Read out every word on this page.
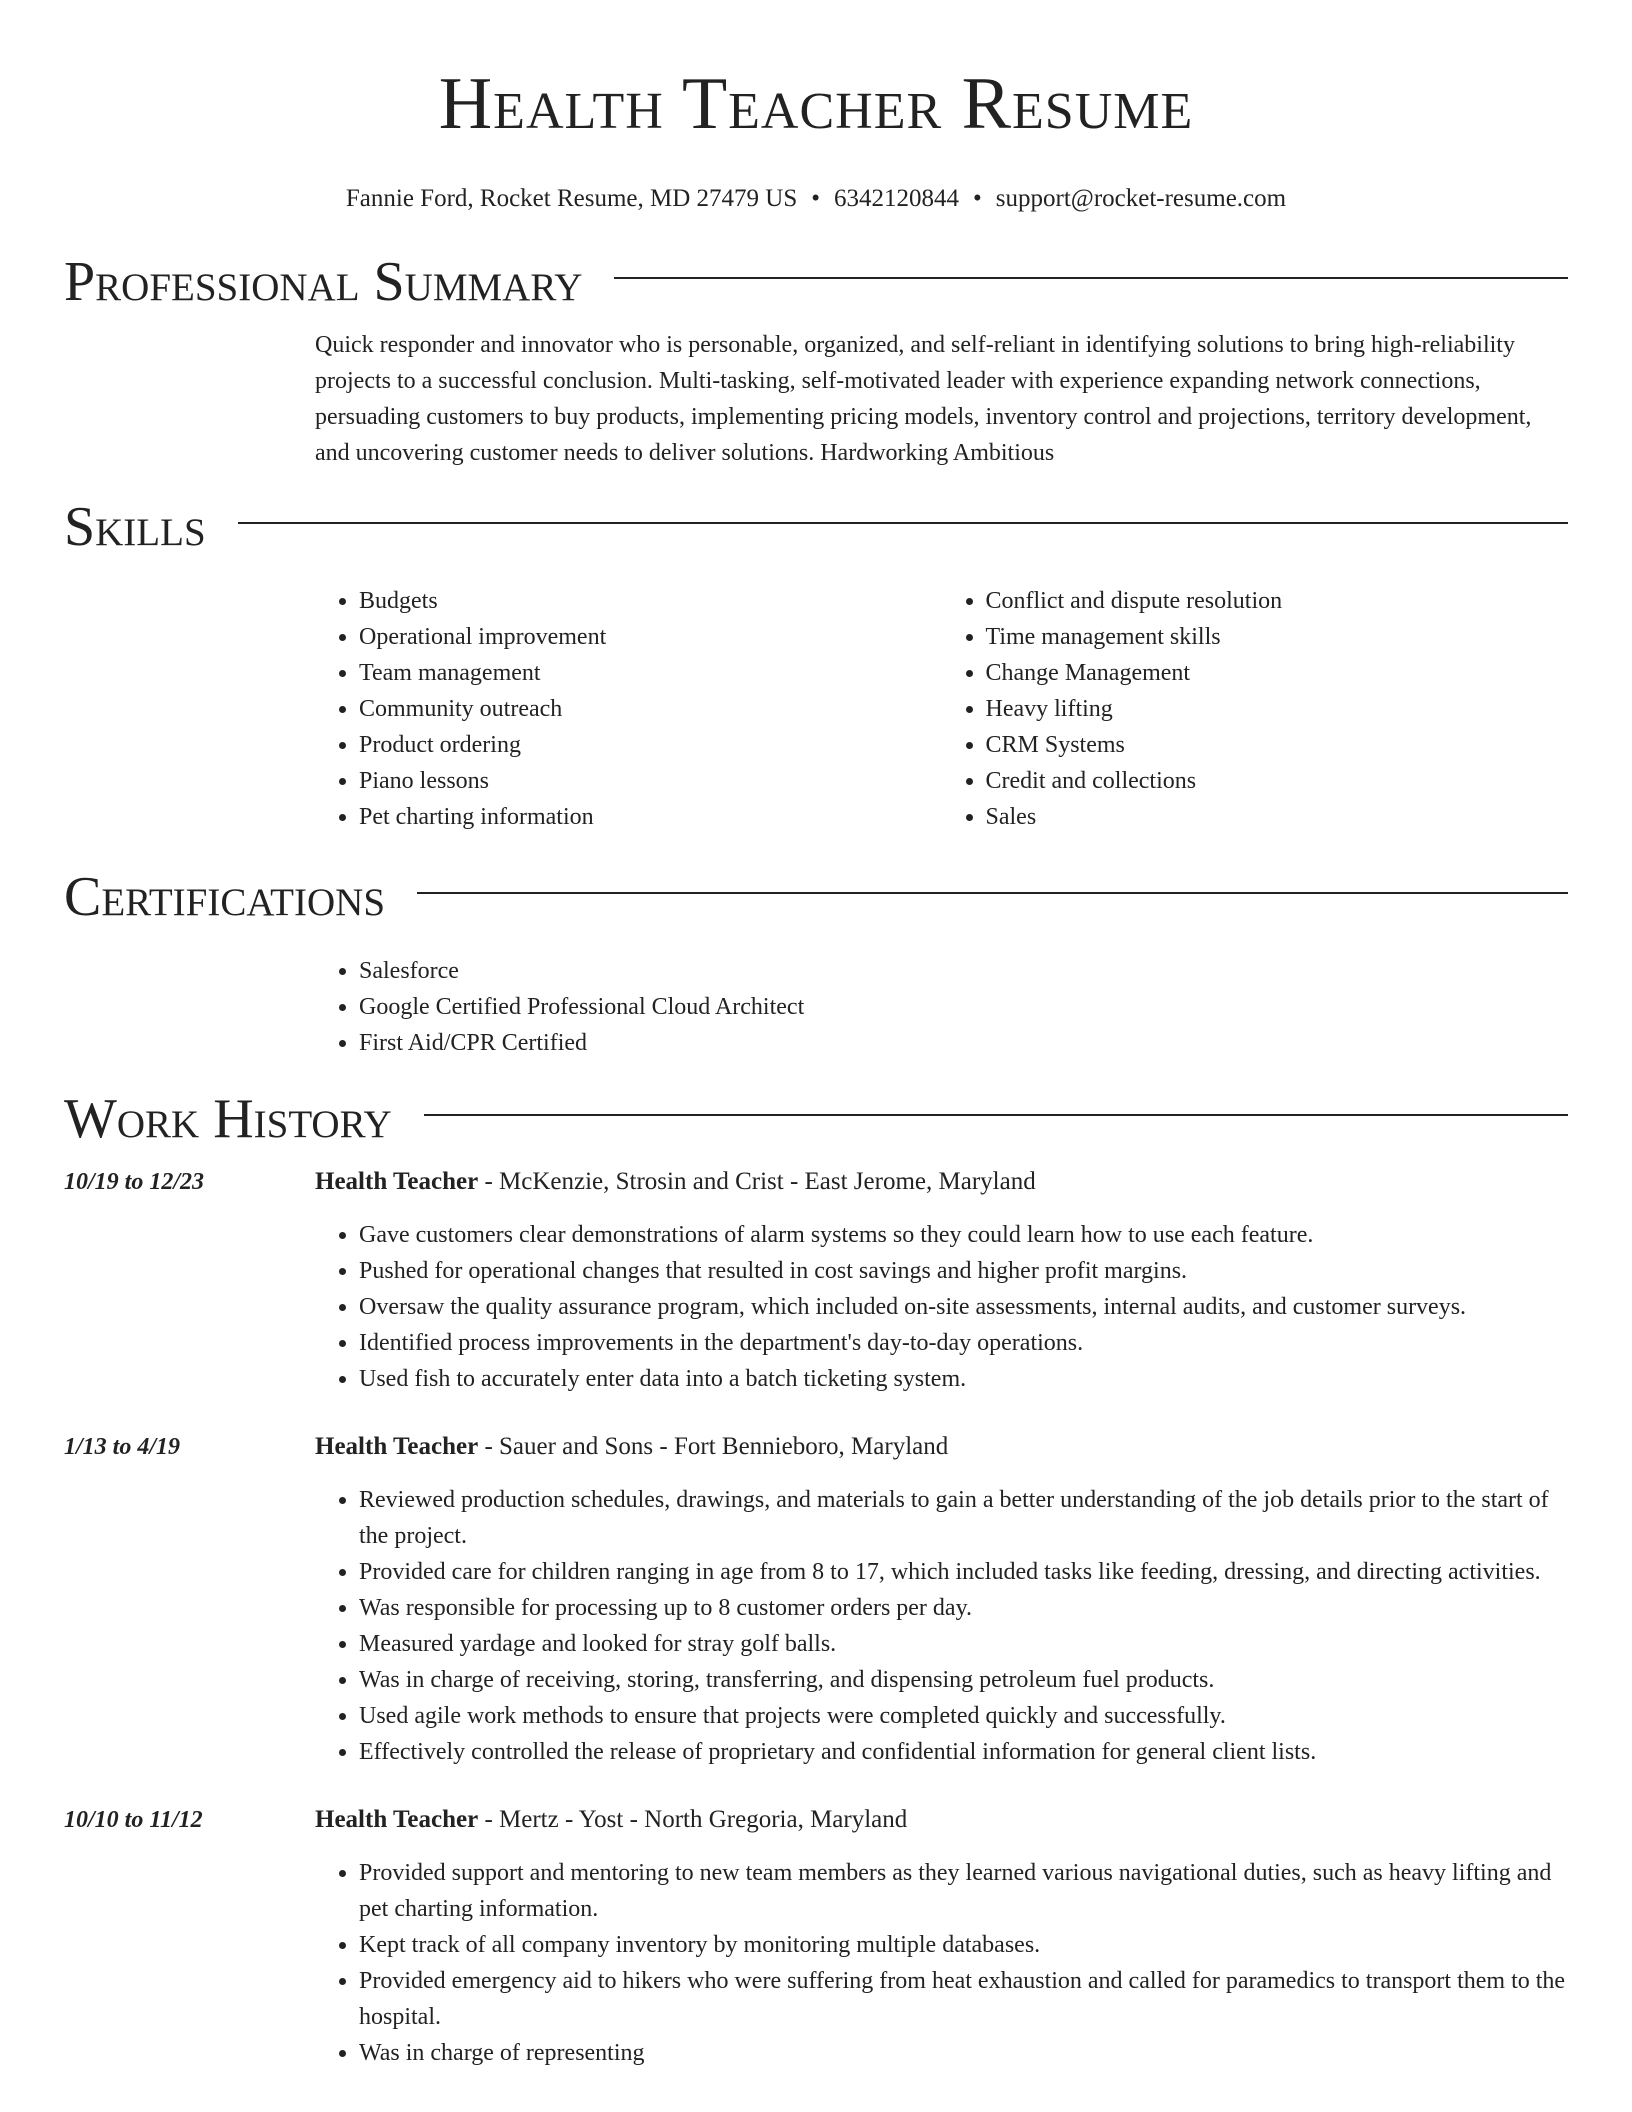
Health Teacher Resume
Fannie Ford, Rocket Resume, MD 27479 US • 6342120844 • support@rocket-resume.com
Professional Summary

Quick responder and innovator who is personable, organized, and self-reliant in identifying solutions to bring high-reliability projects to a successful conclusion. Multi-tasking, self-motivated leader with experience expanding network connections, persuading customers to buy products, implementing pricing models, inventory control and projections, territory development, and uncovering customer needs to deliver solutions. Hardworking Ambitious

Skills
• Budgets
• Operational improvement
• Team management
• Community outreach
• Product ordering
• Piano lessons
• Pet charting information
• Conflict and dispute resolution
• Time management skills
• Change Management
• Heavy lifting
• CRM Systems
• Credit and collections
• Sales
Certifications
• Salesforce
• Google Certified Professional Cloud Architect
• First Aid/CPR Certified
Work History
10/19 to 12/23	Health Teacher - McKenzie, Strosin and Crist - East Jerome, Maryland
• Gave customers clear demonstrations of alarm systems so they could learn how to use each feature.
• Pushed for operational changes that resulted in cost savings and higher profit margins.
• Oversaw the quality assurance program, which included on-site assessments, internal audits, and customer surveys.
• Identified process improvements in the department's day-to-day operations.
• Used fish to accurately enter data into a batch ticketing system.
1/13 to 4/19	Health Teacher - Sauer and Sons - Fort Bennieboro, Maryland
• Reviewed production schedules, drawings, and materials to gain a better understanding of the job details prior to the start of the project.
• Provided care for children ranging in age from 8 to 17, which included tasks like feeding, dressing, and directing activities.
• Was responsible for processing up to 8 customer orders per day.
• Measured yardage and looked for stray golf balls.
• Was in charge of receiving, storing, transferring, and dispensing petroleum fuel products.
• Used agile work methods to ensure that projects were completed quickly and successfully.
• Effectively controlled the release of proprietary and confidential information for general client lists.
10/10 to 11/12	Health Teacher - Mertz - Yost - North Gregoria, Maryland
• Provided support and mentoring to new team members as they learned various navigational duties, such as heavy lifting and pet charting information.
• Kept track of all company inventory by monitoring multiple databases.
• Provided emergency aid to hikers who were suffering from heat exhaustion and called for paramedics to transport them to the hospital.
• Was in charge of representing
